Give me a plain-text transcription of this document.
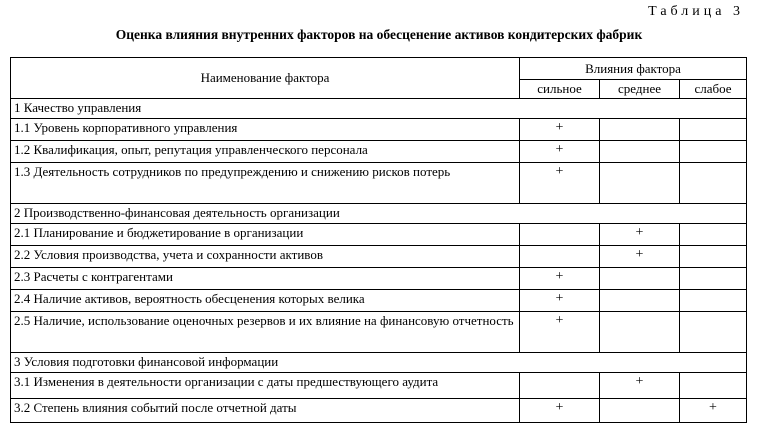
Таблица 3
Оценка влияния внутренних факторов на обесценение активов кондитерских фабрик
Наименование фактора	Влияния фактора		
	сильное	среднее	слабое
1 Качество управления			
1.1 Уровень корпоративного управления	+		
1.2 Квалификация, опыт, репутация управленческого персонала	+		
1.3 Деятельность сотрудников по предупреждению и снижению рисков потерь	+		
2 Производственно-финансовая деятельность организации			
2.1 Планирование и бюджетирование в организации		+	
2.2 Условия производства, учета и сохранности активов		+	
2.3 Расчеты с контрагентами	+		
2.4 Наличие активов, вероятность обесценения которых велика	+		
2.5 Наличие, использование оценочных резервов и их влияние на финансовую отчетность	+		
3 Условия подготовки финансовой информации			
3.1 Изменения в деятельности организации с даты предшествующего аудита		+	
3.2 Степень влияния событий после отчетной даты	+		+
